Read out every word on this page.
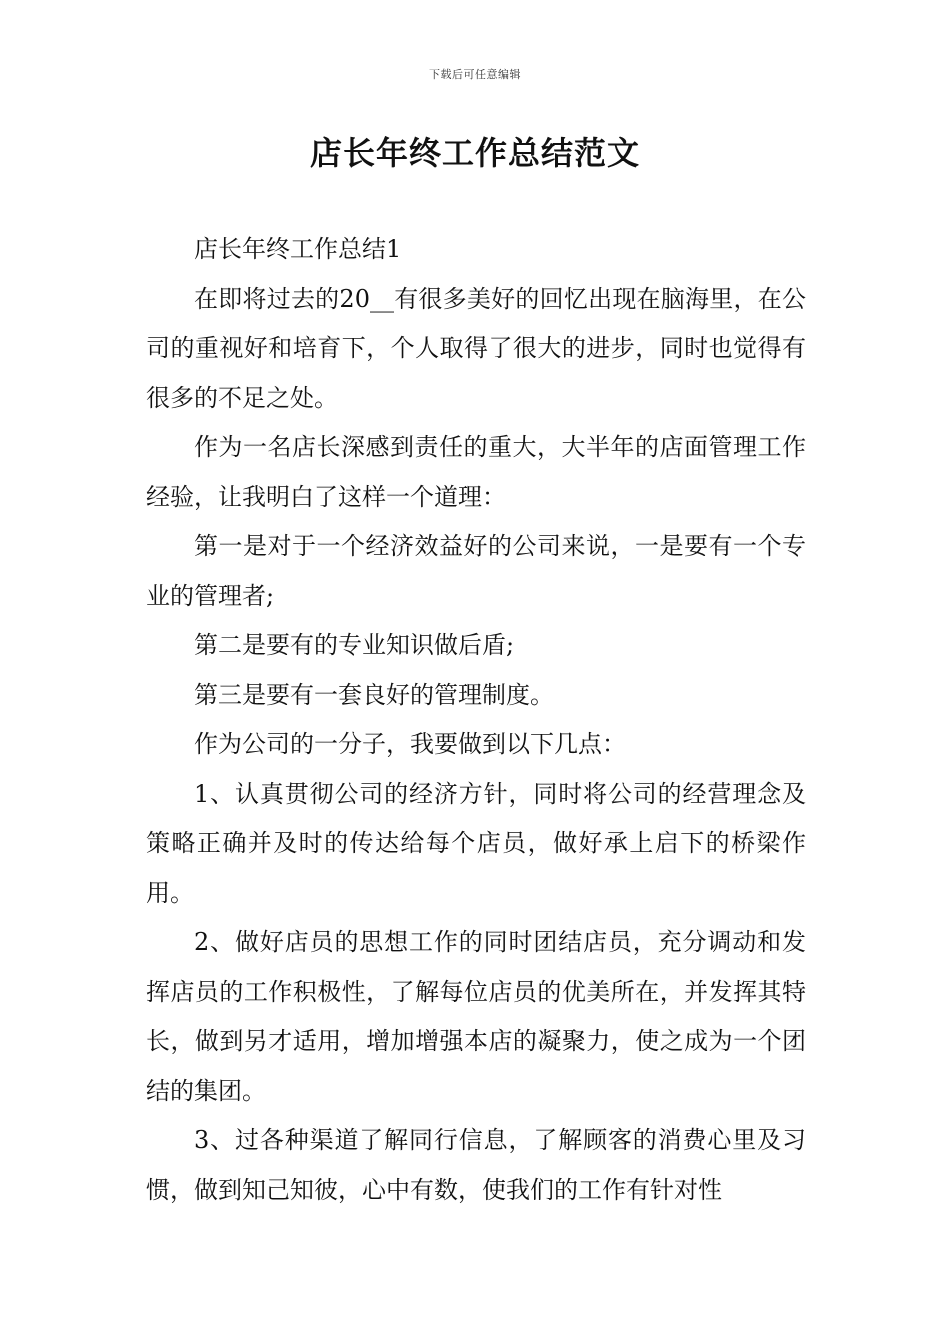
下载后可任意编辑
店长年终工作总结范文

店长年终工作总结1

在即将过去的20__有很多美好的回忆出现在脑海里，在公司的重视好和培育下，个人取得了很大的进步，同时也觉得有很多的不足之处。

作为一名店长深感到责任的重大，大半年的店面管理工作经验，让我明白了这样一个道理：

第一是对于一个经济效益好的公司来说，一是要有一个专业的管理者;

第二是要有的专业知识做后盾;

第三是要有一套良好的管理制度。

作为公司的一分子，我要做到以下几点：

1、认真贯彻公司的经济方针，同时将公司的经营理念及策略正确并及时的传达给每个店员，做好承上启下的桥梁作用。

2、做好店员的思想工作的同时团结店员，充分调动和发挥店员的工作积极性，了解每位店员的优美所在，并发挥其特长，做到另才适用，增加增强本店的凝聚力，使之成为一个团结的集团。

3、过各种渠道了解同行信息，了解顾客的消费心里及习惯，做到知己知彼，心中有数，使我们的工作有针对性
